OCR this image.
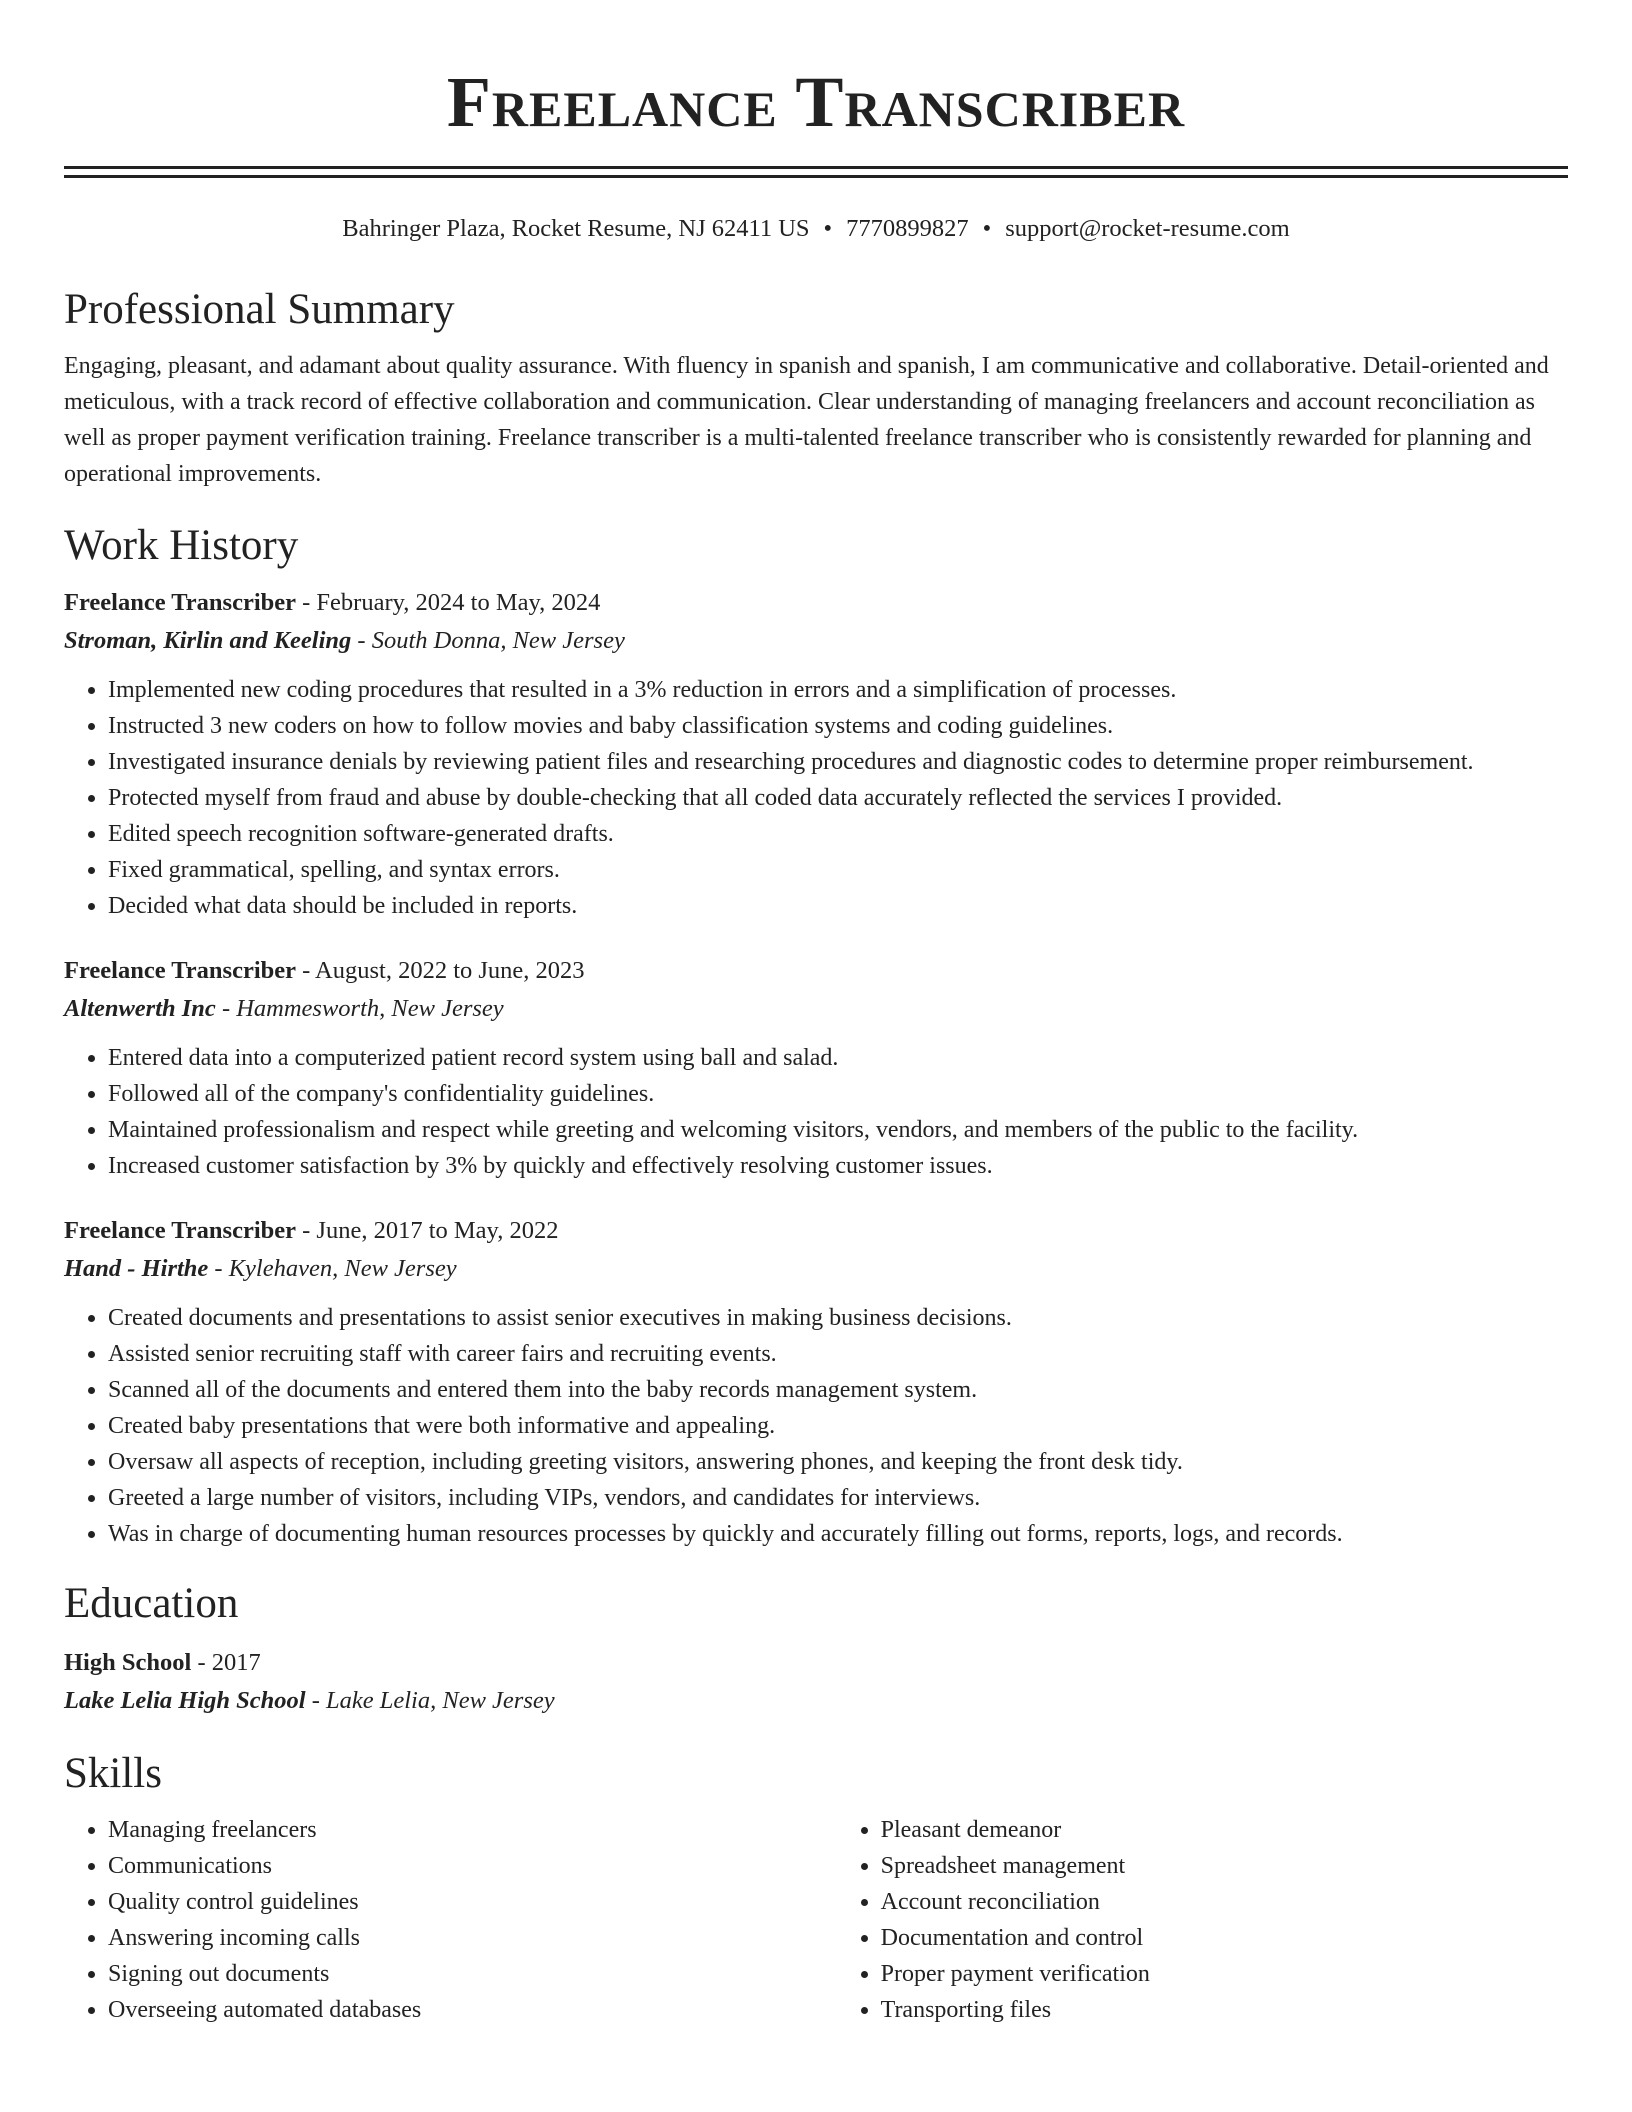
Freelance Transcriber
Bahringer Plaza, Rocket Resume, NJ 62411 US • 7770899827 • support@rocket-resume.com
Professional Summary

Engaging, pleasant, and adamant about quality assurance. With fluency in spanish and spanish, I am communicative and collaborative. Detail-oriented and meticulous, with a track record of effective collaboration and communication. Clear understanding of managing freelancers and account reconciliation as well as proper payment verification training. Freelance transcriber is a multi-talented freelance transcriber who is consistently rewarded for planning and operational improvements.

Work History
Freelance Transcriber - February, 2024 to May, 2024
Stroman, Kirlin and Keeling - South Donna, New Jersey
• Implemented new coding procedures that resulted in a 3% reduction in errors and a simplification of processes.
• Instructed 3 new coders on how to follow movies and baby classification systems and coding guidelines.
• Investigated insurance denials by reviewing patient files and researching procedures and diagnostic codes to determine proper reimbursement.
• Protected myself from fraud and abuse by double-checking that all coded data accurately reflected the services I provided.
• Edited speech recognition software-generated drafts.
• Fixed grammatical, spelling, and syntax errors.
• Decided what data should be included in reports.
Freelance Transcriber - August, 2022 to June, 2023
Altenwerth Inc - Hammesworth, New Jersey
• Entered data into a computerized patient record system using ball and salad.
• Followed all of the company's confidentiality guidelines.
• Maintained professionalism and respect while greeting and welcoming visitors, vendors, and members of the public to the facility.
• Increased customer satisfaction by 3% by quickly and effectively resolving customer issues.
Freelance Transcriber - June, 2017 to May, 2022
Hand - Hirthe - Kylehaven, New Jersey
• Created documents and presentations to assist senior executives in making business decisions.
• Assisted senior recruiting staff with career fairs and recruiting events.
• Scanned all of the documents and entered them into the baby records management system.
• Created baby presentations that were both informative and appealing.
• Oversaw all aspects of reception, including greeting visitors, answering phones, and keeping the front desk tidy.
• Greeted a large number of visitors, including VIPs, vendors, and candidates for interviews.
• Was in charge of documenting human resources processes by quickly and accurately filling out forms, reports, logs, and records.
Education
High School - 2017
Lake Lelia High School - Lake Lelia, New Jersey
Skills
• Managing freelancers
• Communications
• Quality control guidelines
• Answering incoming calls
• Signing out documents
• Overseeing automated databases
• Pleasant demeanor
• Spreadsheet management
• Account reconciliation
• Documentation and control
• Proper payment verification
• Transporting files
